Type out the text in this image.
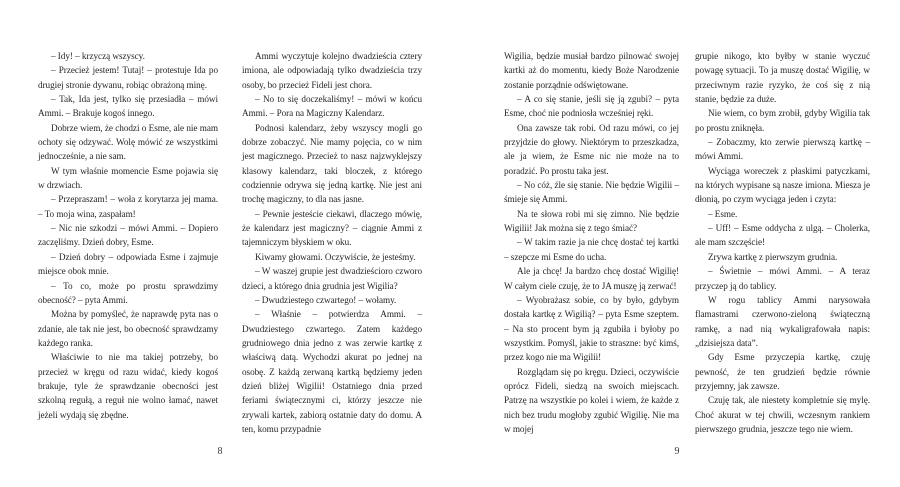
– Idy! – krzyczą wszyscy.

– Przecież jestem! Tutaj! – protestuje Ida po drugiej stronie dywanu, robiąc obrażoną minę.

– Tak, Ida jest, tylko się przesiadła – mówi Ammi. – Brakuje kogoś innego.

Dobrze wiem, że chodzi o Esme, ale nie mam ochoty się odzywać. Wolę mówić ze wszystkimi jednocześnie, a nie sam.

W tym właśnie momencie Esme pojawia się w drzwiach.

– Przepraszam! – woła z korytarza jej mama. – To moja wina, zaspałam!

– Nic nie szkodzi – mówi Ammi. – Dopiero zaczęliśmy. Dzień dobry, Esme.

– Dzień dobry – odpowiada Esme i zajmuje miejsce obok mnie.

– To co, może po prostu sprawdzimy obecność? – pyta Ammi.

Można by pomyśleć, że naprawdę pyta nas o zdanie, ale tak nie jest, bo obecność sprawdzamy każdego ranka.

Właściwie to nie ma takiej potrzeby, bo przecież w kręgu od razu widać, kiedy kogoś brakuje, tyle że sprawdzanie obecności jest szkolną regułą, a reguł nie wolno łamać, nawet jeżeli wydają się zbędne.

Ammi wyczytuje kolejno dwadzieścia cztery imiona, ale odpowiadają tylko dwadzieścia trzy osoby, bo przecież Fideli jest chora.

– No to się doczekaliśmy! – mówi w końcu Ammi. – Pora na Magiczny Kalendarz.

Podnosi kalendarz, żeby wszyscy mogli go dobrze zobaczyć. Nie mamy pojęcia, co w nim jest magicznego. Przecież to nasz najzwyklejszy klasowy kalendarz, taki bloczek, z którego codziennie odrywa się jedną kartkę. Nie jest ani trochę magiczny, to dla nas jasne.

– Pewnie jesteście ciekawi, dlaczego mówię, że kalendarz jest magiczny? – ciągnie Ammi z tajemniczym błyskiem w oku.

Kiwamy głowami. Oczywiście, że jesteśmy.

– W waszej grupie jest dwadzieścioro czworo dzieci, a którego dnia grudnia jest Wigilia?

– Dwudziestego czwartego! – wołamy.

– Właśnie – potwierdza Ammi. – Dwudziestego czwartego. Zatem każdego grudniowego dnia jedno z was zerwie kartkę z właściwą datą. Wychodzi akurat po jednej na osobę. Z każdą zerwaną kartką będziemy jeden dzień bliżej Wigilii! Ostatniego dnia przed feriami świątecznymi ci, którzy jeszcze nie zrywali kartek, zabiorą ostatnie daty do domu. A ten, komu przypadnie

Wigilia, będzie musiał bardzo pilnować swojej kartki aż do momentu, kiedy Boże Narodzenie zostanie porządnie odświętowane.

– A co się stanie, jeśli się ją zgubi? – pyta Esme, choć nie podniosła wcześniej ręki.

Ona zawsze tak robi. Od razu mówi, co jej przyjdzie do głowy. Niektórym to przeszkadza, ale ja wiem, że Esme nic nie może na to poradzić. Po prostu taka jest.

– No cóż, źle się stanie. Nie będzie Wigilii – śmieje się Ammi.

Na te słowa robi mi się zimno. Nie będzie Wigilii! Jak można się z tego śmiać?

– W takim razie ja nie chcę dostać tej kartki – szepcze mi Esme do ucha.

Ale ja chcę! Ja bardzo chcę dostać Wigilię! W całym ciele czuję, że to JA muszę ją zerwać!

– Wyobrażasz sobie, co by było, gdybym dostała kartkę z Wigilią? – pyta Esme szeptem. – Na sto procent bym ją zgubiła i byłoby po wszystkim. Pomyśl, jakie to straszne: być kimś, przez kogo nie ma Wigilii!

Rozglądam się po kręgu. Dzieci, oczywiście oprócz Fideli, siedzą na swoich miejscach. Patrzę na wszystkie po kolei i wiem, że każde z nich bez trudu mogłoby zgubić Wigilię. Nie ma w mojej

grupie nikogo, kto byłby w stanie wyczuć powagę sytuacji. To ja muszę dostać Wigilię, w przeciwnym razie ryzyko, że coś się z nią stanie, będzie za duże.

Nie wiem, co bym zrobił, gdyby Wigilia tak po prostu zniknęła.

– Zobaczmy, kto zerwie pierwszą kartkę – mówi Ammi.

Wyciąga woreczek z płaskimi patyczkami, na których wypisane są nasze imiona. Miesza je dłonią, po czym wyciąga jeden i czyta:

– Esme.

– Uff! – Esme oddycha z ulgą. – Cholerka, ale mam szczęście!

Zrywa kartkę z pierwszym grudnia.

– Świetnie – mówi Ammi. – A teraz przyczep ją do tablicy.

W rogu tablicy Ammi narysowała flamastrami czerwono-zieloną świąteczną ramkę, a nad nią wykaligrafowała napis: „dzisiejsza data”.

Gdy Esme przyczepia kartkę, czuję pewność, że ten grudzień będzie równie przyjemny, jak zawsze.

Czuję tak, ale niestety kompletnie się mylę. Choć akurat w tej chwili, wczesnym rankiem pierwszego grudnia, jeszcze tego nie wiem.

8	9
